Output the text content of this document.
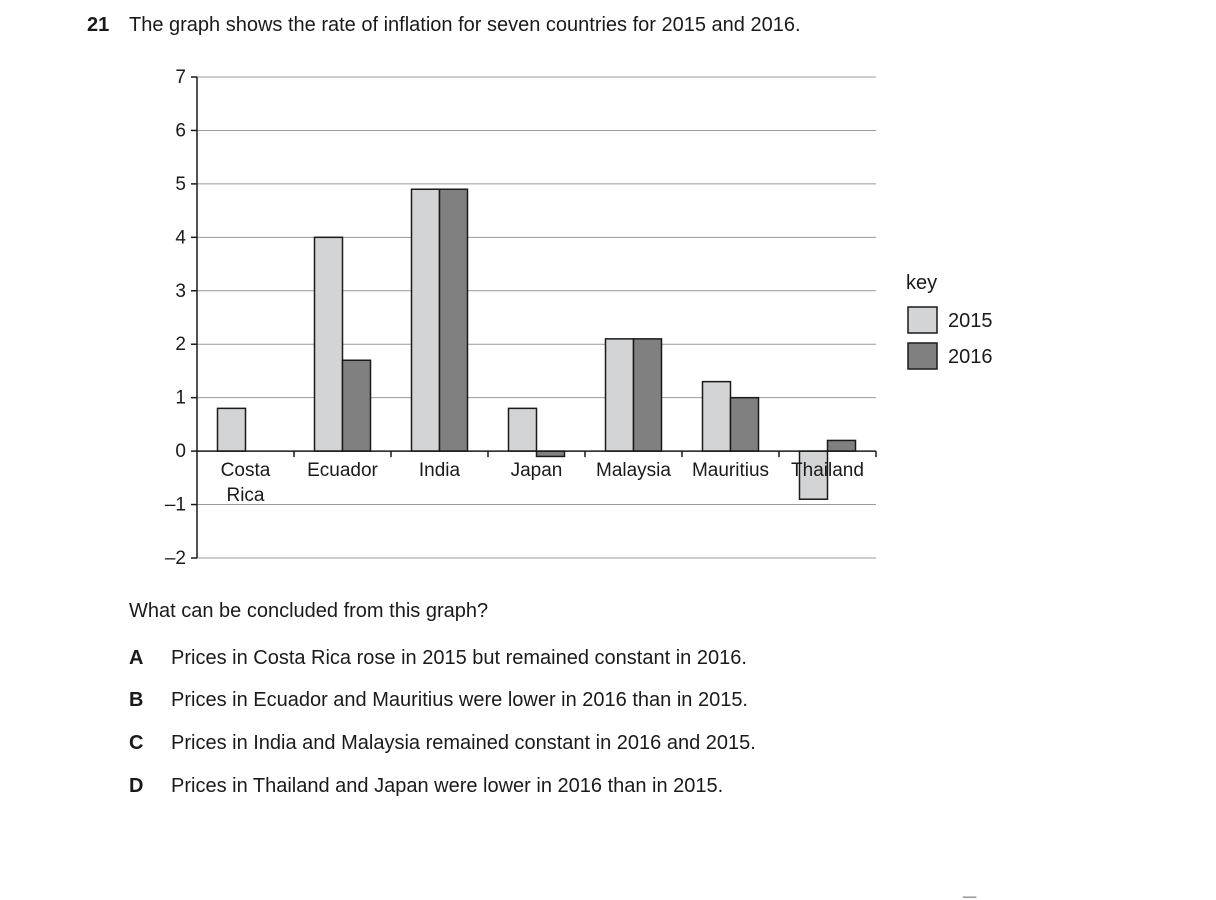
21 The graph shows the rate of inflation for seven countries for 2015 and 2016.
7
6
5
4
3
2
1
0
–1
–2
Costa Rica
Ecuador India	Japan Malaysia Mauritius Thailand
key
2015
2016
What can be concluded from this graph?
A Prices in Costa Rica rose in 2015 but remained constant in 2016.
B Prices in Ecuador and Mauritius were lower in 2016 than in 2015.
C Prices in India and Malaysia remained constant in 2016 and 2015.
D Prices in Thailand and Japan were lower in 2016 than in 2015.
__
